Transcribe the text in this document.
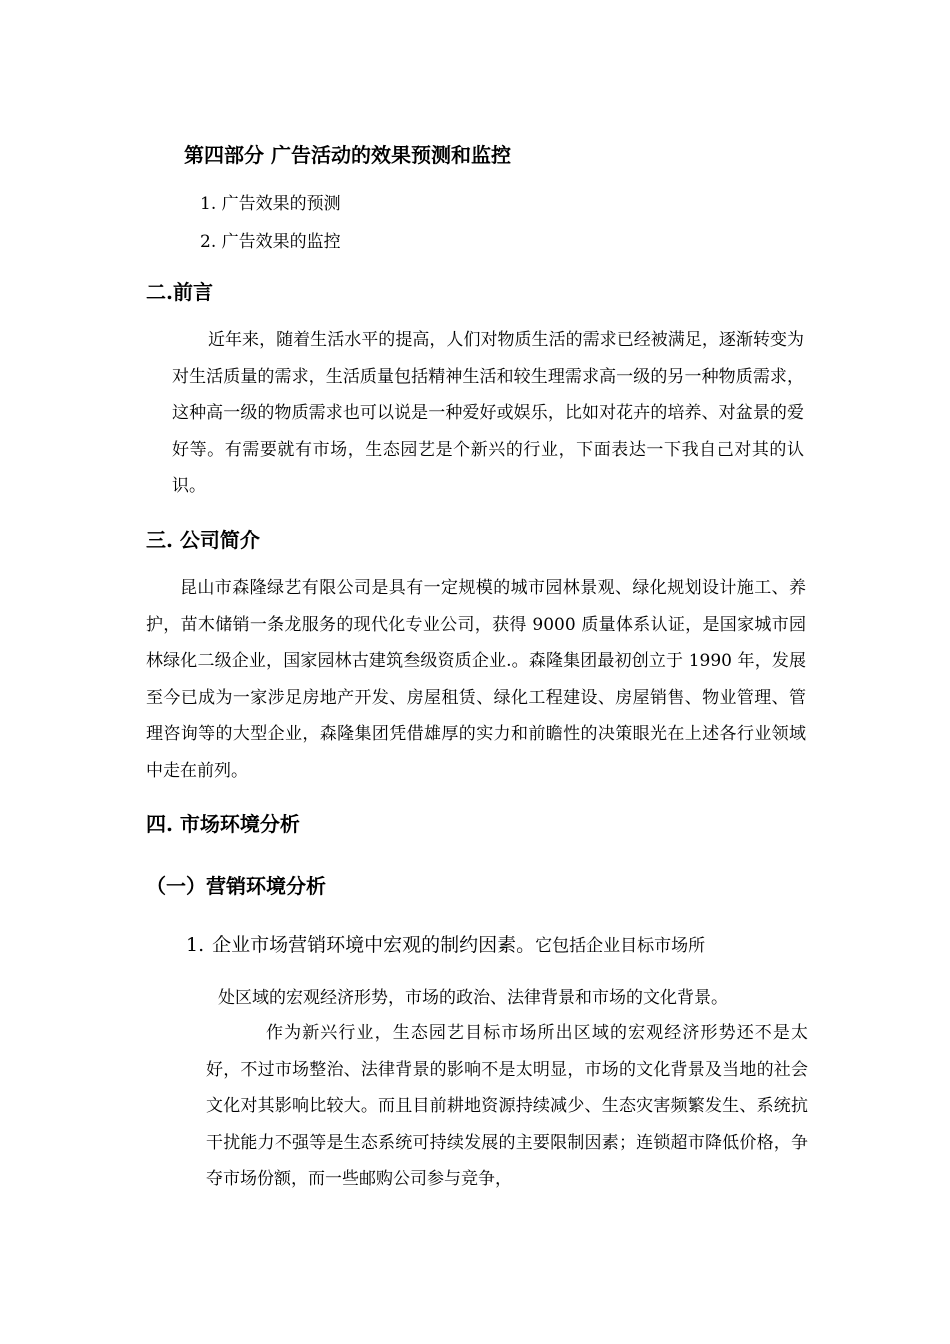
第四部分 广告活动的效果预测和监控
1. 广告效果的预测
2. 广告效果的监控
二.前言
近年来，随着生活水平的提高，人们对物质生活的需求已经被满足，逐渐转变为对生活质量的需求，生活质量包括精神生活和较生理需求高一级的另一种物质需求，这种高一级的物质需求也可以说是一种爱好或娱乐，比如对花卉的培养、对盆景的爱好等。有需要就有市场，生态园艺是个新兴的行业，下面表达一下我自己对其的认识。
三. 公司简介
昆山市森隆绿艺有限公司是具有一定规模的城市园林景观、绿化规划设计施工、养护，苗木储销一条龙服务的现代化专业公司，获得 9000 质量体系认证，是国家城市园林绿化二级企业，国家园林古建筑叁级资质企业.。森隆集团最初创立于 1990 年，发展至今已成为一家涉足房地产开发、房屋租赁、绿化工程建设、房屋销售、物业管理、管理咨询等的大型企业，森隆集团凭借雄厚的实力和前瞻性的决策眼光在上述各行业领域中走在前列。
四. 市场环境分析
（一）营销环境分析
1. 企业市场营销环境中宏观的制约因素。它包括企业目标市场所
处区域的宏观经济形势，市场的政治、法律背景和市场的文化背景。
作为新兴行业，生态园艺目标市场所出区域的宏观经济形势还不是太好，不过市场整治、法律背景的影响不是太明显，市场的文化背景及当地的社会文化对其影响比较大。而且目前耕地资源持续减少、生态灾害频繁发生、系统抗干扰能力不强等是生态系统可持续发展的主要限制因素；连锁超市降低价格，争夺市场份额，而一些邮购公司参与竞争，
